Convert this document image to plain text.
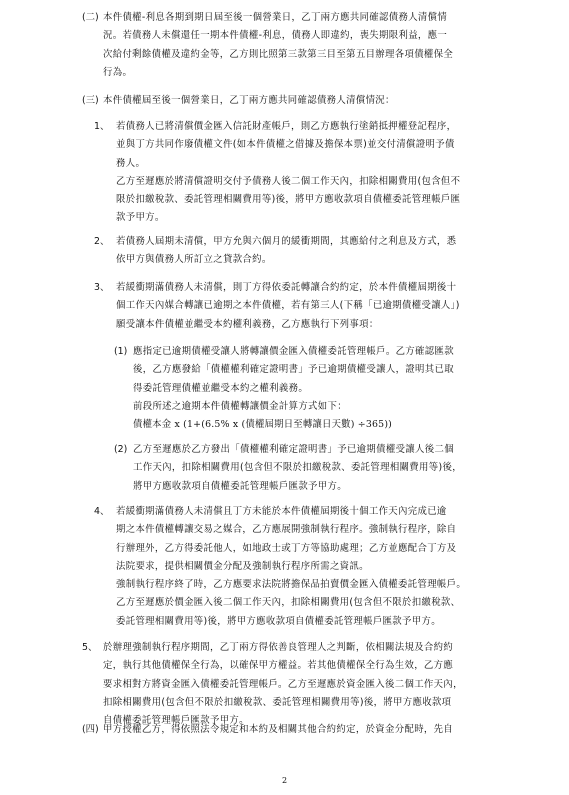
(二) 本件債權-利息各期到期日屆至後一個營業日，乙丁兩方應共同確認債務人清償情
況。若債務人未償還任一期本件債權-利息，債務人即違約，喪失期限利益，應一
次給付剩餘債權及違約金等，乙方則比照第三款第三目至第五目辦理各項債權保全
行為。
(三) 本件債權屆至後一個營業日，乙丁兩方應共同確認債務人清償情況：
1、 若債務人已將清償價金匯入信託財產帳戶，則乙方應執行塗銷抵押權登記程序，
並與丁方共同作廢債權文件(如本件債權之借據及擔保本票)並交付清償證明予債
務人。
乙方至遲應於將清償證明交付予債務人後二個工作天內，扣除相關費用(包含但不
限於扣繳稅款、委託管理相關費用等)後，將甲方應收款項自債權委託管理帳戶匯
款予甲方。
2、 若債務人屆期未清償，甲方允與六個月的緩衝期間，其應給付之利息及方式，悉
依甲方與債務人所訂立之貸款合約。
3、 若緩衝期滿債務人未清償，則丁方得依委託轉讓合約約定，於本件債權屆期後十
個工作天內媒合轉讓已逾期之本件債權，若有第三人(下稱「已逾期債權受讓人」)
願受讓本件債權並繼受本約權利義務，乙方應執行下列事項：
(1) 應指定已逾期債權受讓人將轉讓價金匯入債權委託管理帳戶。乙方確認匯款
後，乙方應發給「債權權利確定證明書」予已逾期債權受讓人，證明其已取
得委託管理債權並繼受本約之權利義務。
前段所述之逾期本件債權轉讓價金計算方式如下：
債權本金 x (1+(6.5% x (債權屆期日至轉讓日天數) ÷365))
(2) 乙方至遲應於乙方發出「債權權利確定證明書」予已逾期債權受讓人後二個
工作天內，扣除相關費用(包含但不限於扣繳稅款、委託管理相關費用等)後，
將甲方應收款項自債權委託管理帳戶匯款予甲方。
4、 若緩衝期滿債務人未清償且丁方未能於本件債權屆期後十個工作天內完成已逾
期之本件債權轉讓交易之媒合，乙方應展開強制執行程序。強制執行程序，除自
行辦理外，乙方得委託他人，如地政士或丁方等協助處理；乙方並應配合丁方及
法院要求，提供相關價金分配及強制執行程序所需之資訊。
強制執行程序終了時，乙方應要求法院將擔保品拍賣價金匯入債權委託管理帳戶。
乙方至遲應於價金匯入後二個工作天內，扣除相關費用(包含但不限於扣繳稅款、
委託管理相關費用等)後，將甲方應收款項自債權委託管理帳戶匯款予甲方。
5、 於辦理強制執行程序期間，乙丁兩方得依善良管理人之判斷，依相關法規及合約約
定，執行其他債權保全行為，以確保甲方權益。若其他債權保全行為生效，乙方應
要求相對方將資金匯入債權委託管理帳戶。乙方至遲應於資金匯入後二個工作天內，
扣除相關費用(包含但不限於扣繳稅款、委託管理相關費用等)後，將甲方應收款項
自債權委託管理帳戶匯款予甲方。
(四) 甲方授權乙方，得依照法令規定和本約及相關其他合約約定，於資金分配時，先自
2
